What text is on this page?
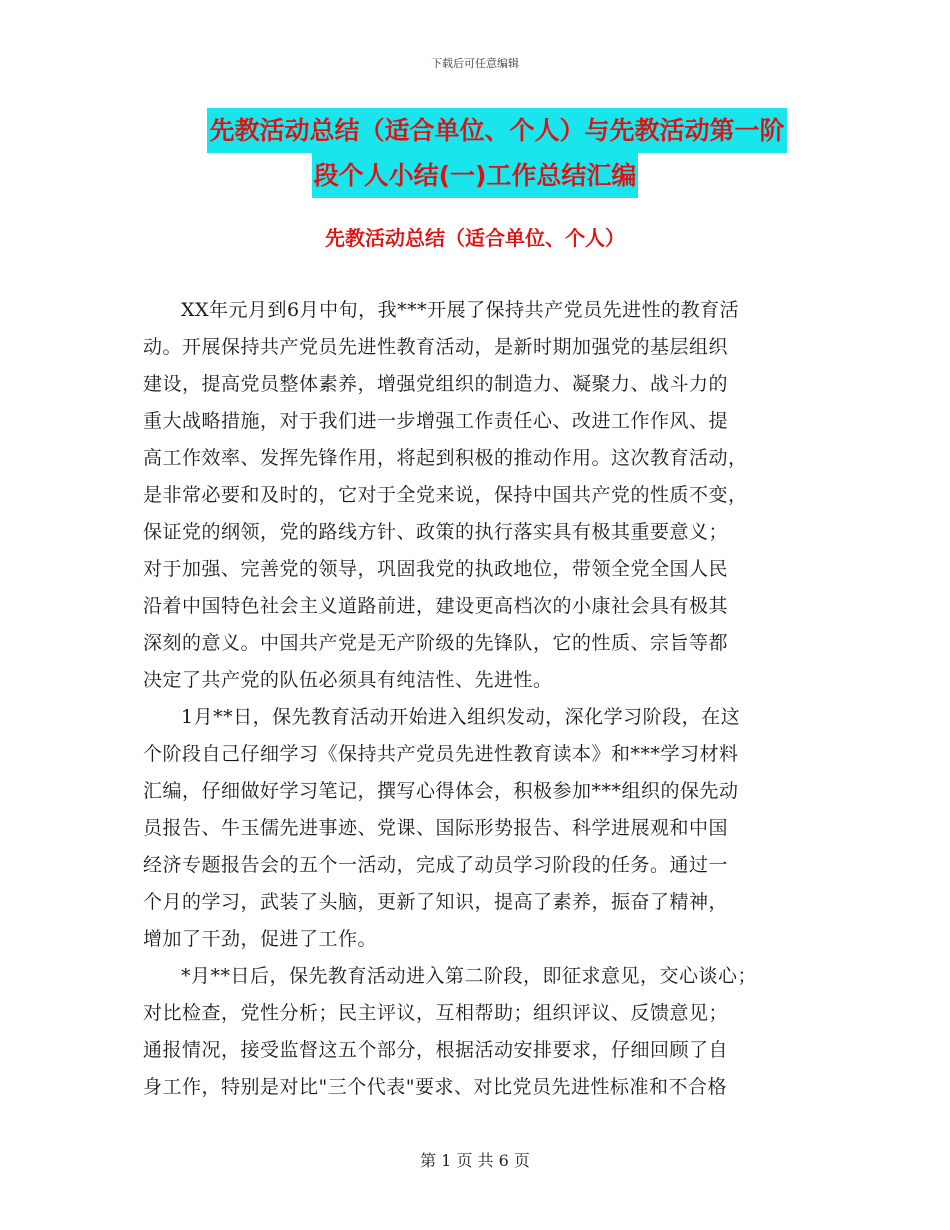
下载后可任意编辑
先教活动总结（适合单位、个人）与先教活动第一阶
段个人小结(一)工作总结汇编
先教活动总结（适合单位、个人）
XX年元月到6月中旬，我***开展了保持共产党员先进性的教育活
动。开展保持共产党员先进性教育活动，是新时期加强党的基层组织
建设，提高党员整体素养，增强党组织的制造力、凝聚力、战斗力的
重大战略措施，对于我们进一步增强工作责任心、改进工作作风、提
高工作效率、发挥先锋作用，将起到积极的推动作用。这次教育活动，
是非常必要和及时的，它对于全党来说，保持中国共产党的性质不变，
保证党的纲领，党的路线方针、政策的执行落实具有极其重要意义；
对于加强、完善党的领导，巩固我党的执政地位，带领全党全国人民
沿着中国特色社会主义道路前进，建设更高档次的小康社会具有极其
深刻的意义。中国共产党是无产阶级的先锋队，它的性质、宗旨等都
决定了共产党的队伍必须具有纯洁性、先进性。
1月**日，保先教育活动开始进入组织发动，深化学习阶段，在这
个阶段自己仔细学习《保持共产党员先进性教育读本》和***学习材料
汇编，仔细做好学习笔记，撰写心得体会，积极参加***组织的保先动
员报告、牛玉儒先进事迹、党课、国际形势报告、科学进展观和中国
经济专题报告会的五个一活动，完成了动员学习阶段的任务。通过一
个月的学习，武装了头脑，更新了知识，提高了素养，振奋了精神，
增加了干劲，促进了工作。
*月**日后，保先教育活动进入第二阶段，即征求意见，交心谈心；
对比检查，党性分析；民主评议，互相帮助；组织评议、反馈意见；
通报情况，接受监督这五个部分，根据活动安排要求，仔细回顾了自
身工作，特别是对比"三个代表"要求、对比党员先进性标准和不合格
第 1 页 共 6 页
